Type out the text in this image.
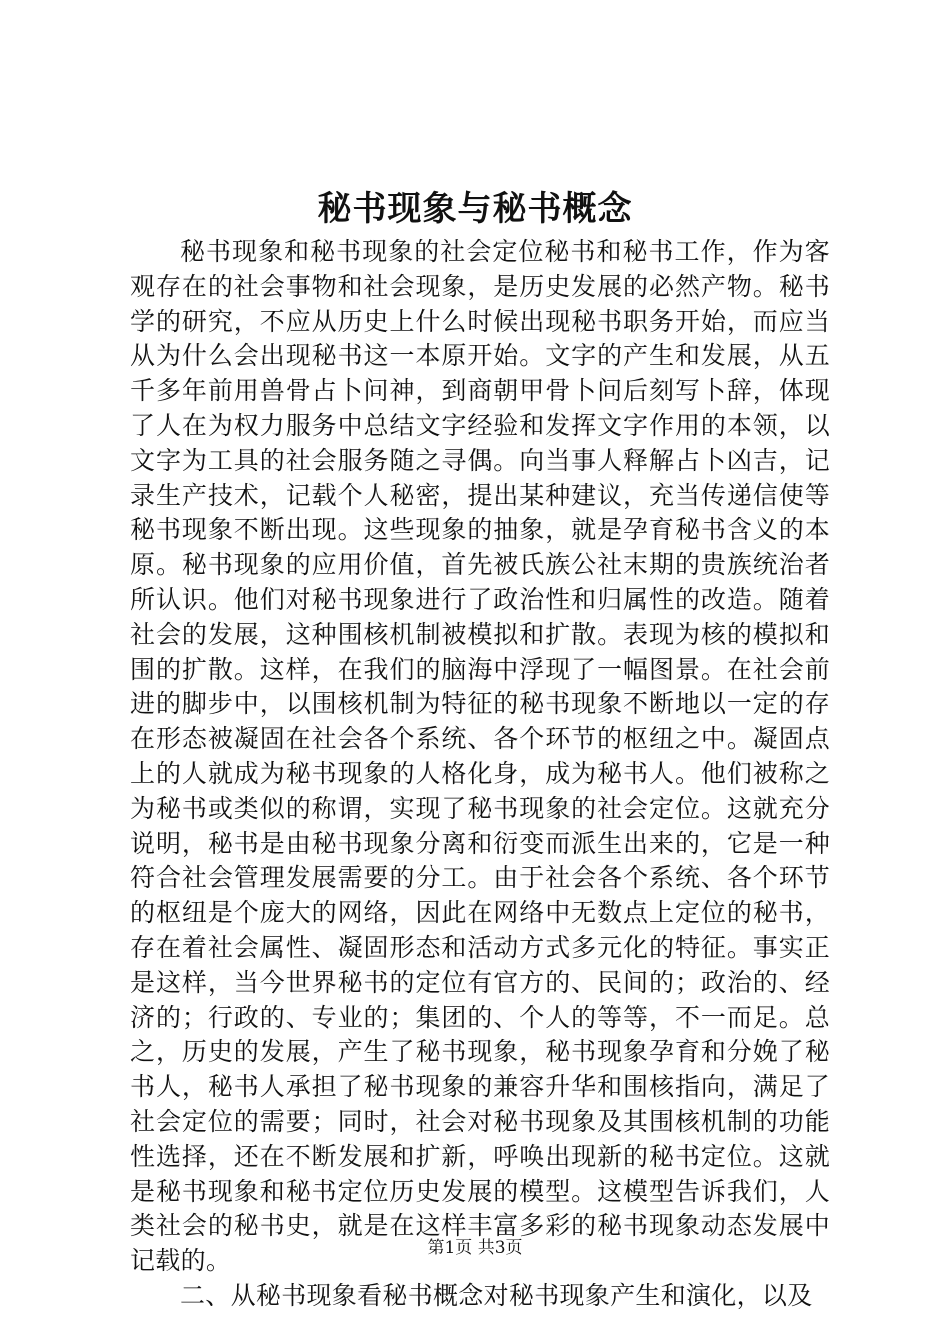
秘书现象与秘书概念

秘书现象和秘书现象的社会定位秘书和秘书工作，作为客观存在的社会事物和社会现象，是历史发展的必然产物。秘书学的研究，不应从历史上什么时候出现秘书职务开始，而应当从为什么会出现秘书这一本原开始。文字的产生和发展，从五千多年前用兽骨占卜问神，到商朝甲骨卜问后刻写卜辞，体现了人在为权力服务中总结文字经验和发挥文字作用的本领，以文字为工具的社会服务随之寻偶。向当事人释解占卜凶吉，记录生产技术，记载个人秘密，提出某种建议，充当传递信使等秘书现象不断出现。这些现象的抽象，就是孕育秘书含义的本原。秘书现象的应用价值，首先被氏族公社末期的贵族统治者所认识。他们对秘书现象进行了政治性和归属性的改造。随着社会的发展，这种围核机制被模拟和扩散。表现为核的模拟和围的扩散。这样，在我们的脑海中浮现了一幅图景。在社会前进的脚步中，以围核机制为特征的秘书现象不断地以一定的存在形态被凝固在社会各个系统、各个环节的枢纽之中。凝固点上的人就成为秘书现象的人格化身，成为秘书人。他们被称之为秘书或类似的称谓，实现了秘书现象的社会定位。这就充分说明，秘书是由秘书现象分离和衍变而派生出来的，它是一种符合社会管理发展需要的分工。由于社会各个系统、各个环节的枢纽是个庞大的网络，因此在网络中无数点上定位的秘书，存在着社会属性、凝固形态和活动方式多元化的特征。事实正是这样，当今世界秘书的定位有官方的、民间的；政治的、经济的；行政的、专业的；集团的、个人的等等，不一而足。总之，历史的发展，产生了秘书现象，秘书现象孕育和分娩了秘书人，秘书人承担了秘书现象的兼容升华和围核指向，满足了社会定位的需要；同时，社会对秘书现象及其围核机制的功能性选择，还在不断发展和扩新，呼唤出现新的秘书定位。这就是秘书现象和秘书定位历史发展的模型。这模型告诉我们，人类社会的秘书史，就是在这样丰富多彩的秘书现象动态发展中记载的。

二、从秘书现象看秘书概念对秘书现象产生和演化，以及

第1页 共3页
